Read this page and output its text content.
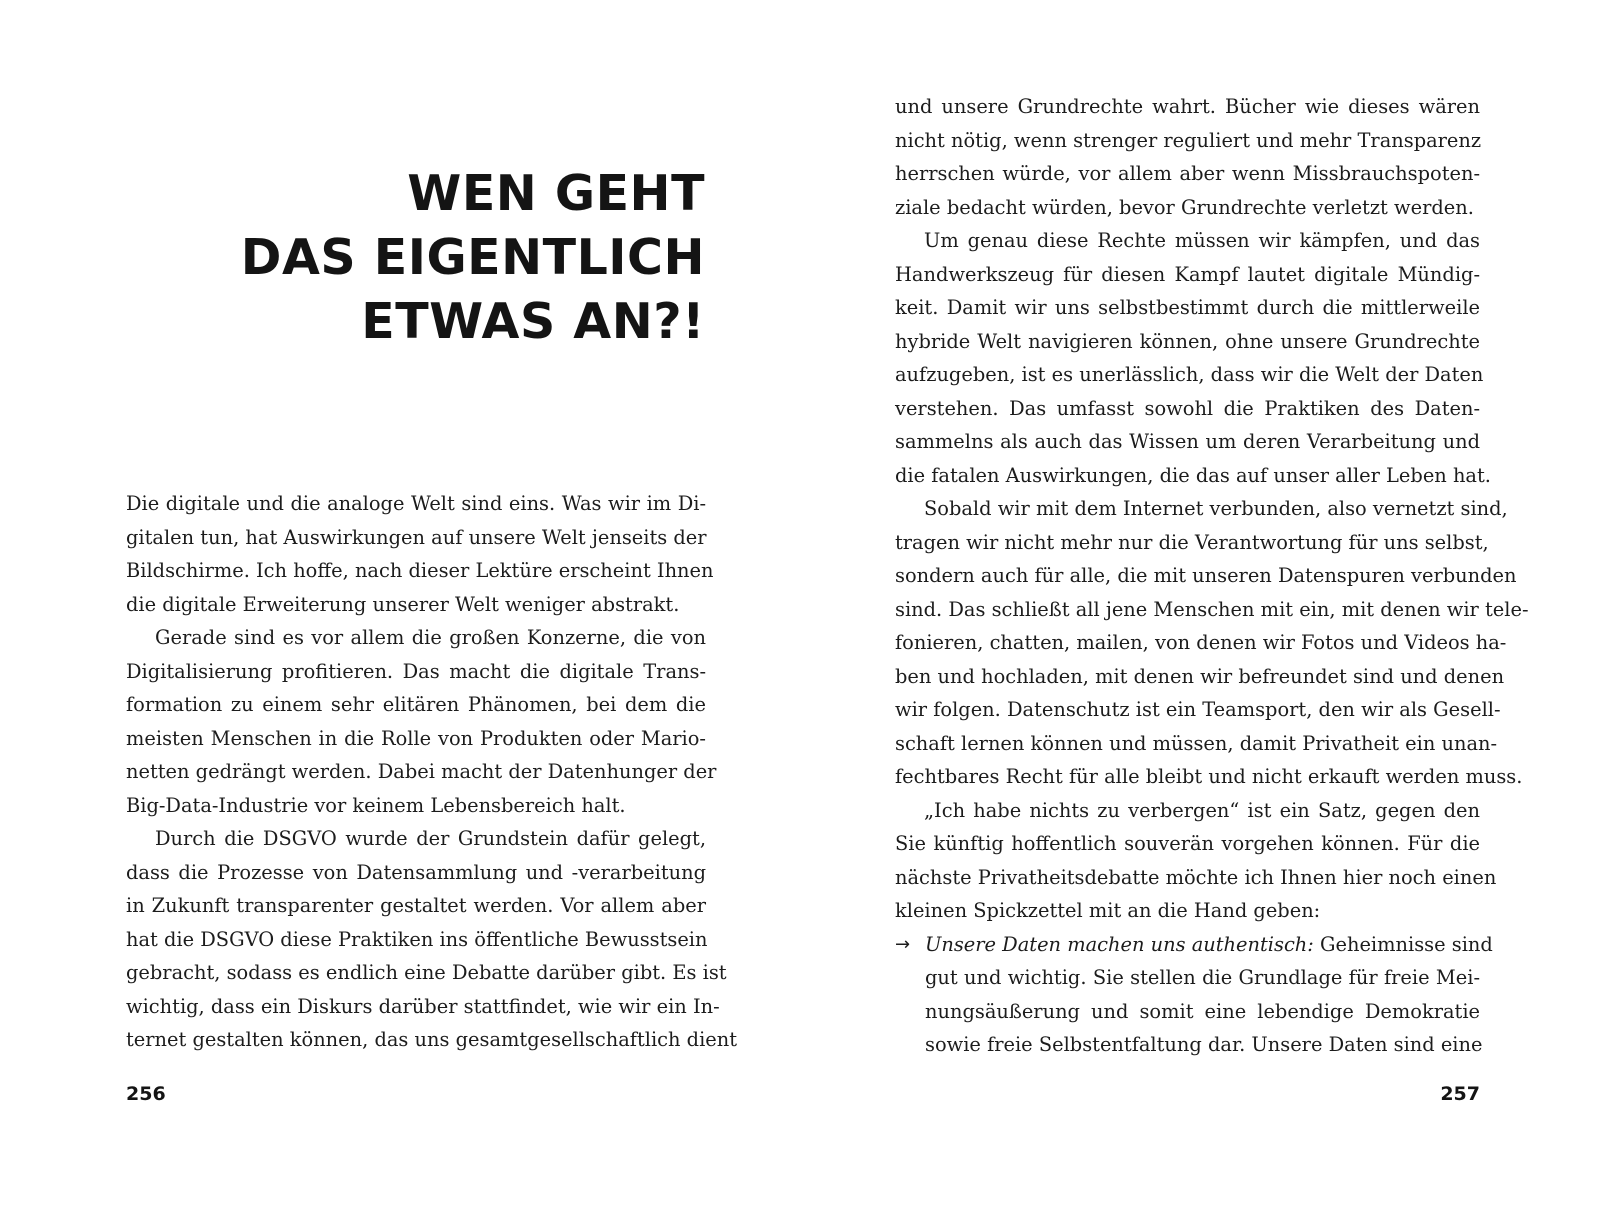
WEN GEHT
DAS EIGENTLICH
ETWAS AN?!
Die digitale und die analoge Welt sind eins. Was wir im Di-
gitalen tun, hat Auswirkungen auf unsere Welt jenseits der
Bildschirme. Ich hoffe, nach dieser Lektüre erscheint Ihnen
die digitale Erweiterung unserer Welt weniger abstrakt.
Gerade sind es vor allem die großen Konzerne, die von
Digitalisierung profitieren. Das macht die digitale Trans-
formation zu einem sehr elitären Phänomen, bei dem die
meisten Menschen in die Rolle von Produkten oder Mario-
netten gedrängt werden. Dabei macht der Datenhunger der
Big-Data-Industrie vor keinem Lebensbereich halt.
Durch die DSGVO wurde der Grundstein dafür gelegt,
dass die Prozesse von Datensammlung und -verarbeitung
in Zukunft transparenter gestaltet werden. Vor allem aber
hat die DSGVO diese Praktiken ins öffentliche Bewusstsein
gebracht, sodass es endlich eine Debatte darüber gibt. Es ist
wichtig, dass ein Diskurs darüber stattfindet, wie wir ein In-
ternet gestalten können, das uns gesamtgesellschaftlich dient
256
und unsere Grundrechte wahrt. Bücher wie dieses wären
nicht nötig, wenn strenger reguliert und mehr Transparenz
herrschen würde, vor allem aber wenn Missbrauchspoten-
ziale bedacht würden, bevor Grundrechte verletzt werden.
Um genau diese Rechte müssen wir kämpfen, und das
Handwerkszeug für diesen Kampf lautet digitale Mündig-
keit. Damit wir uns selbstbestimmt durch die mittlerweile
hybride Welt navigieren können, ohne unsere Grundrechte
aufzugeben, ist es unerlässlich, dass wir die Welt der Daten
verstehen. Das umfasst sowohl die Praktiken des Daten-
sammelns als auch das Wissen um deren Verarbeitung und
die fatalen Auswirkungen, die das auf unser aller Leben hat.
Sobald wir mit dem Internet verbunden, also vernetzt sind,
tragen wir nicht mehr nur die Verantwortung für uns selbst,
sondern auch für alle, die mit unseren Datenspuren verbunden
sind. Das schließt all jene Menschen mit ein, mit denen wir tele-
fonieren, chatten, mailen, von denen wir Fotos und Videos ha-
ben und hochladen, mit denen wir befreundet sind und denen
wir folgen. Datenschutz ist ein Teamsport, den wir als Gesell-
schaft lernen können und müssen, damit Privatheit ein unan-
fechtbares Recht für alle bleibt und nicht erkauft werden muss.
„Ich habe nichts zu verbergen“ ist ein Satz, gegen den
Sie künftig hoffentlich souverän vorgehen können. Für die
nächste Privatheitsdebatte möchte ich Ihnen hier noch einen
kleinen Spickzettel mit an die Hand geben:
→ Unsere Daten machen uns authentisch: Geheimnisse sind
gut und wichtig. Sie stellen die Grundlage für freie Mei-
nungsäußerung und somit eine lebendige Demokratie
sowie freie Selbstentfaltung dar. Unsere Daten sind eine
257
